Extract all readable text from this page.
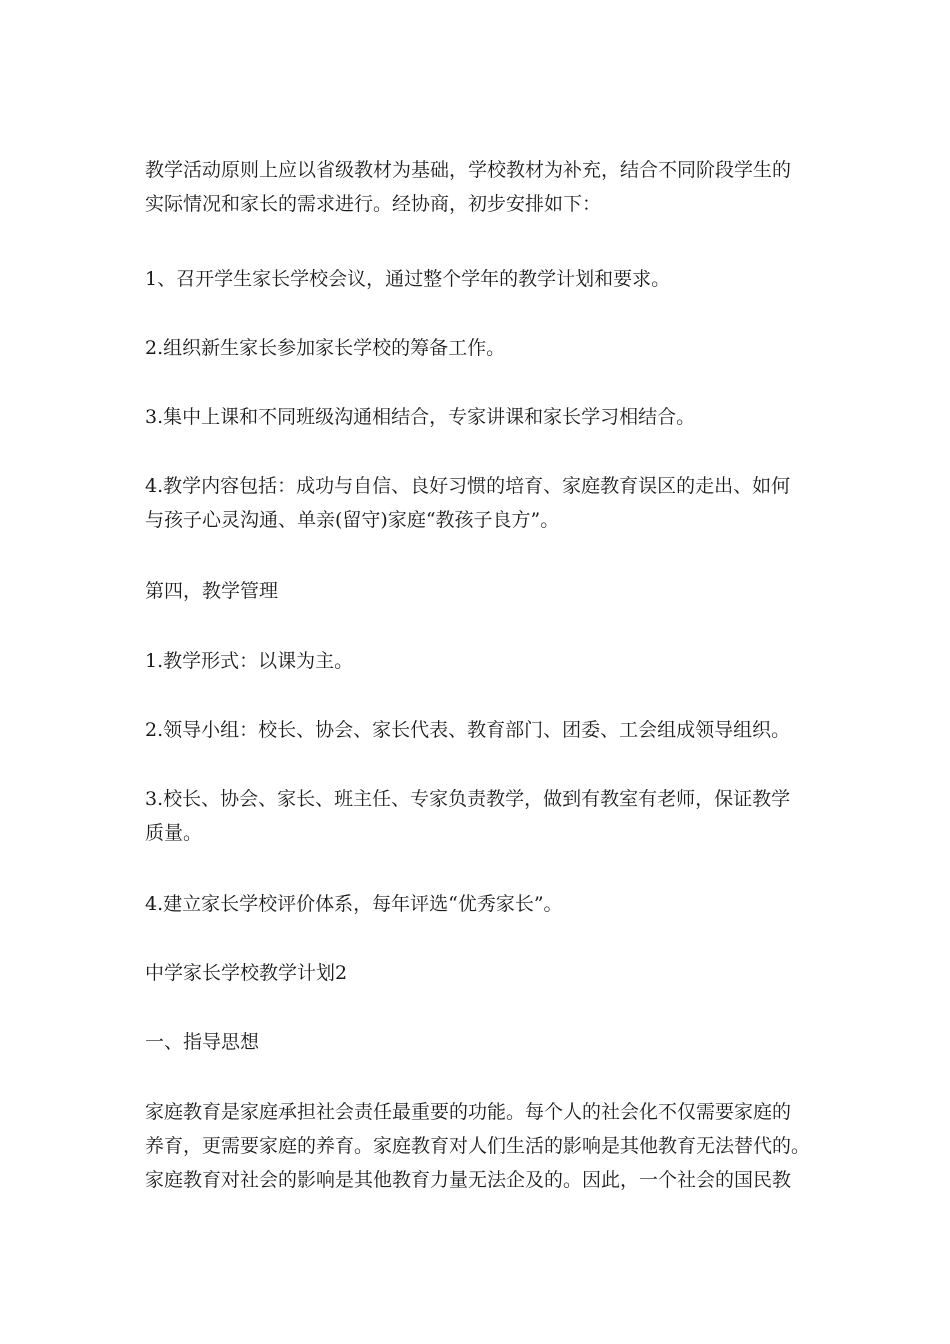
教学活动原则上应以省级教材为基础，学校教材为补充，结合不同阶段学生的
实际情况和家长的需求进行。经协商，初步安排如下：

1、召开学生家长学校会议，通过整个学年的教学计划和要求。

2.组织新生家长参加家长学校的筹备工作。

3.集中上课和不同班级沟通相结合，专家讲课和家长学习相结合。

4.教学内容包括：成功与自信、良好习惯的培育、家庭教育误区的走出、如何
与孩子心灵沟通、单亲(留守)家庭“教孩子良方”。

第四，教学管理

1.教学形式：以课为主。

2.领导小组：校长、协会、家长代表、教育部门、团委、工会组成领导组织。

3.校长、协会、家长、班主任、专家负责教学，做到有教室有老师，保证教学
质量。

4.建立家长学校评价体系，每年评选“优秀家长”。

中学家长学校教学计划2

一、指导思想

家庭教育是家庭承担社会责任最重要的功能。每个人的社会化不仅需要家庭的
养育，更需要家庭的养育。家庭教育对人们生活的影响是其他教育无法替代的。
家庭教育对社会的影响是其他教育力量无法企及的。因此，一个社会的国民教
